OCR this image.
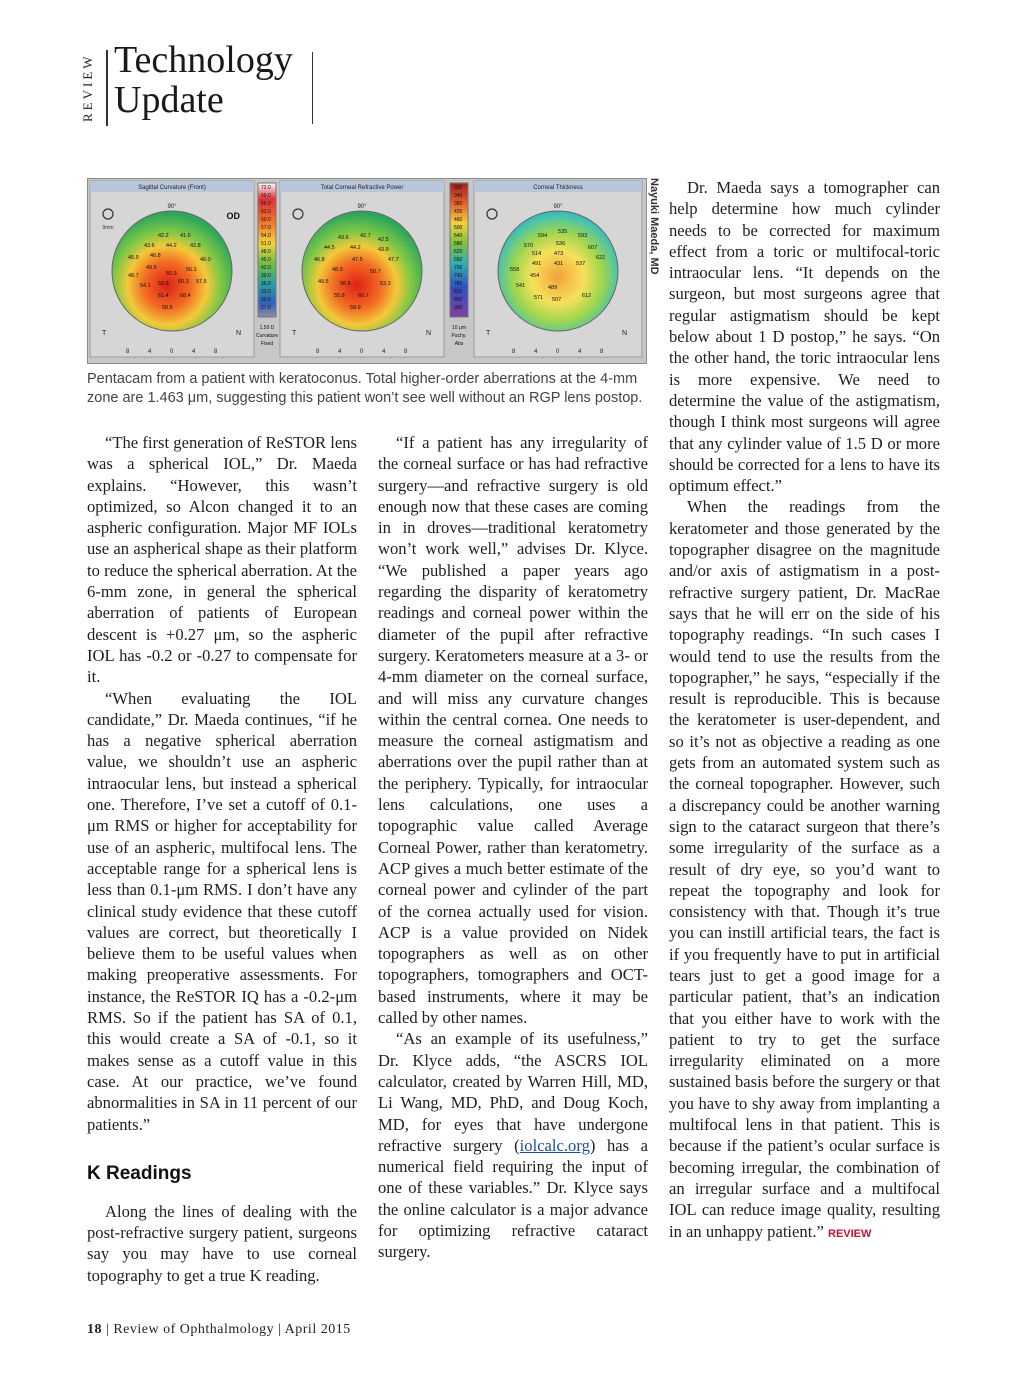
REVIEW Technology
Update
Sagittal Curvature (Front)
OD
9mm
90°
T	N
42.2 41.6
43.6 44.2 42.8
45.9 46.8
49.5
46.0
48.7	50.3
56.1
57.5
54.1 59.9 60.3
61.4 68.4
58.5
8	4	0	4	8
72.0
69.0
66.0
63.0
60.0
57.0
54.0
51.0
48.0
45.0
42.0
39.0
36.0
33.0
30.0
27.0
1.50 D
Curvature
Fixed
Total Corneal Refractive Power
90°
T	N
43.6 42.7
42.5
44.5	44.2	43.9
46.8	47.5	47.7
48.3	50.7
49.5 56.6	53.3
55.8 60.7
58.9
8	4	0	4	8
300
340
380
420
460
500
540
580
620
660
700
740
780
820
860
900
10 μm
Pachy.
Abs
Corneal Thickness
90°
T	N
594
535
593
570	536
607
514
558
491	537
622
541	489
571 507
612
454
431
473
8	4	0	4	8
Nayuki Maeda, MD
Pentacam from a patient with keratoconus. Total higher-order aberrations at the 4-mm zone are 1.463 μm, suggesting this patient won’t see well without an RGP lens postop.

“The first generation of ReSTOR lens was a spherical IOL,” Dr. Maeda explains. “However, this wasn’t optimized, so Alcon changed it to an aspheric configuration. Major MF IOLs use an aspherical shape as their platform to reduce the spherical aberration. At the 6-mm zone, in general the spherical aberration of patients of European descent is +0.27 μm, so the aspheric IOL has -0.2 or -0.27 to compensate for it.

“When evaluating the IOL candidate,” Dr. Maeda continues, “if he has a negative spherical aberration value, we shouldn’t use an aspheric intraocular lens, but instead a spherical one. Therefore, I’ve set a cutoff of 0.1-μm RMS or higher for acceptability for use of an aspheric, multifocal lens. The acceptable range for a spherical lens is less than 0.1-μm RMS. I don’t have any clinical study evidence that these cutoff values are correct, but theoretically I believe them to be useful values when making preoperative assessments. For instance, the ReSTOR IQ has a -0.2-μm RMS. So if the patient has SA of 0.1, this would create a SA of -0.1, so it makes sense as a cutoff value in this case. At our practice, we’ve found abnormalities in SA in 11 percent of our patients.”

K Readings

Along the lines of dealing with the post-refractive surgery patient, surgeons say you may have to use corneal topography to get a true K reading.

“If a patient has any irregularity of the corneal surface or has had refractive surgery—and refractive surgery is old enough now that these cases are coming in in droves—traditional keratometry won’t work well,” advises Dr. Klyce. “We published a paper years ago regarding the disparity of keratometry readings and corneal power within the diameter of the pupil after refractive surgery. Keratometers measure at a 3- or 4-mm diameter on the corneal surface, and will miss any curvature changes within the central cornea. One needs to measure the corneal astigmatism and aberrations over the pupil rather than at the periphery. Typically, for intraocular lens calculations, one uses a topographic value called Average Corneal Power, rather than keratometry. ACP gives a much better estimate of the corneal power and cylinder of the part of the cornea actually used for vision. ACP is a value provided on Nidek topographers as well as on other topographers, tomographers and OCT-based instruments, where it may be called by other names.

“As an example of its usefulness,” Dr. Klyce adds, “the ASCRS IOL calculator, created by Warren Hill, MD, Li Wang, MD, PhD, and Doug Koch, MD, for eyes that have undergone refractive surgery (iolcalc.org) has a numerical field requiring the input of one of these variables.” Dr. Klyce says the online calculator is a major advance for optimizing refractive cataract surgery.

Dr. Maeda says a tomographer can help determine how much cylinder needs to be corrected for maximum effect from a toric or multifocal-toric intraocular lens. “It depends on the surgeon, but most surgeons agree that regular astigmatism should be kept below about 1 D postop,” he says. “On the other hand, the toric intraocular lens is more expensive. We need to determine the value of the astigmatism, though I think most surgeons will agree that any cylinder value of 1.5 D or more should be corrected for a lens to have its optimum effect.”

When the readings from the keratometer and those generated by the topographer disagree on the magnitude and/or axis of astigmatism in a post-refractive surgery patient, Dr. MacRae says that he will err on the side of his topography readings. “In such cases I would tend to use the results from the topographer,” he says, “especially if the result is reproducible. This is because the keratometer is user-dependent, and so it’s not as objective a reading as one gets from an automated system such as the corneal topographer. However, such a discrepancy could be another warning sign to the cataract surgeon that there’s some irregularity of the surface as a result of dry eye, so you’d want to repeat the topography and look for consistency with that. Though it’s true you can instill artificial tears, the fact is if you frequently have to put in artificial tears just to get a good image for a particular patient, that’s an indication that you either have to work with the patient to try to get the surface irregularity eliminated on a more sustained basis before the surgery or that you have to shy away from implanting a multifocal lens in that patient. This is because if the patient’s ocular surface is becoming irregular, the combination of an irregular surface and a multifocal IOL can reduce image quality, resulting in an unhappy patient.” REVIEW

18 | Review of Ophthalmology | April 2015
